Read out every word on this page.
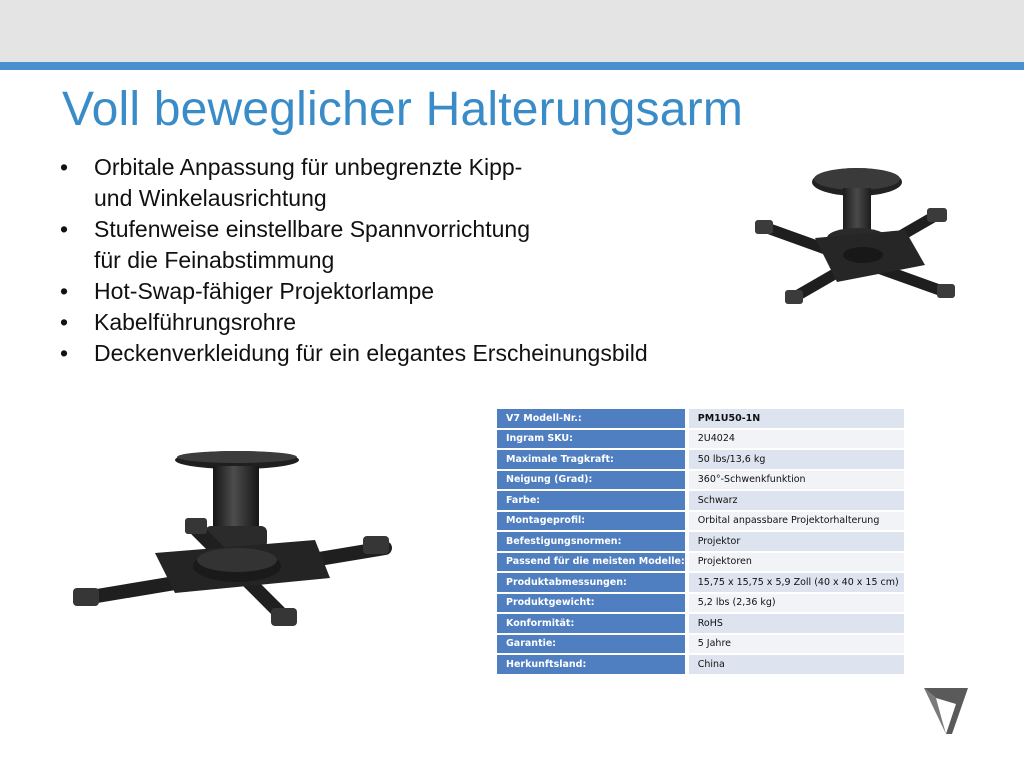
Voll beweglicher Halterungsarm
• Orbitale Anpassung für unbegrenzte Kipp-
und Winkelausrichtung
• Stufenweise einstellbare Spannvorrichtung
für die Feinabstimmung
• Hot-Swap-fähiger Projektorlampe
• Kabelführungsrohre
• Deckenverkleidung für ein elegantes Erscheinungsbild
V7 Modell-Nr.:	PM1U50-1N
Ingram SKU:	2U4024
Maximale Tragkraft:	50 lbs/13,6 kg
Neigung (Grad):	360°-Schwenkfunktion
Farbe:	Schwarz
Montageprofil:	Orbital anpassbare Projektorhalterung
Befestigungsnormen:	Projektor
Passend für die meisten Modelle:	Projektoren
Produktabmessungen:	15,75 x 15,75 x 5,9 Zoll (40 x 40 x 15 cm)
Produktgewicht:	5,2 lbs (2,36 kg)
Konformität:	RoHS
Garantie:	5 Jahre
Herkunftsland:	China
